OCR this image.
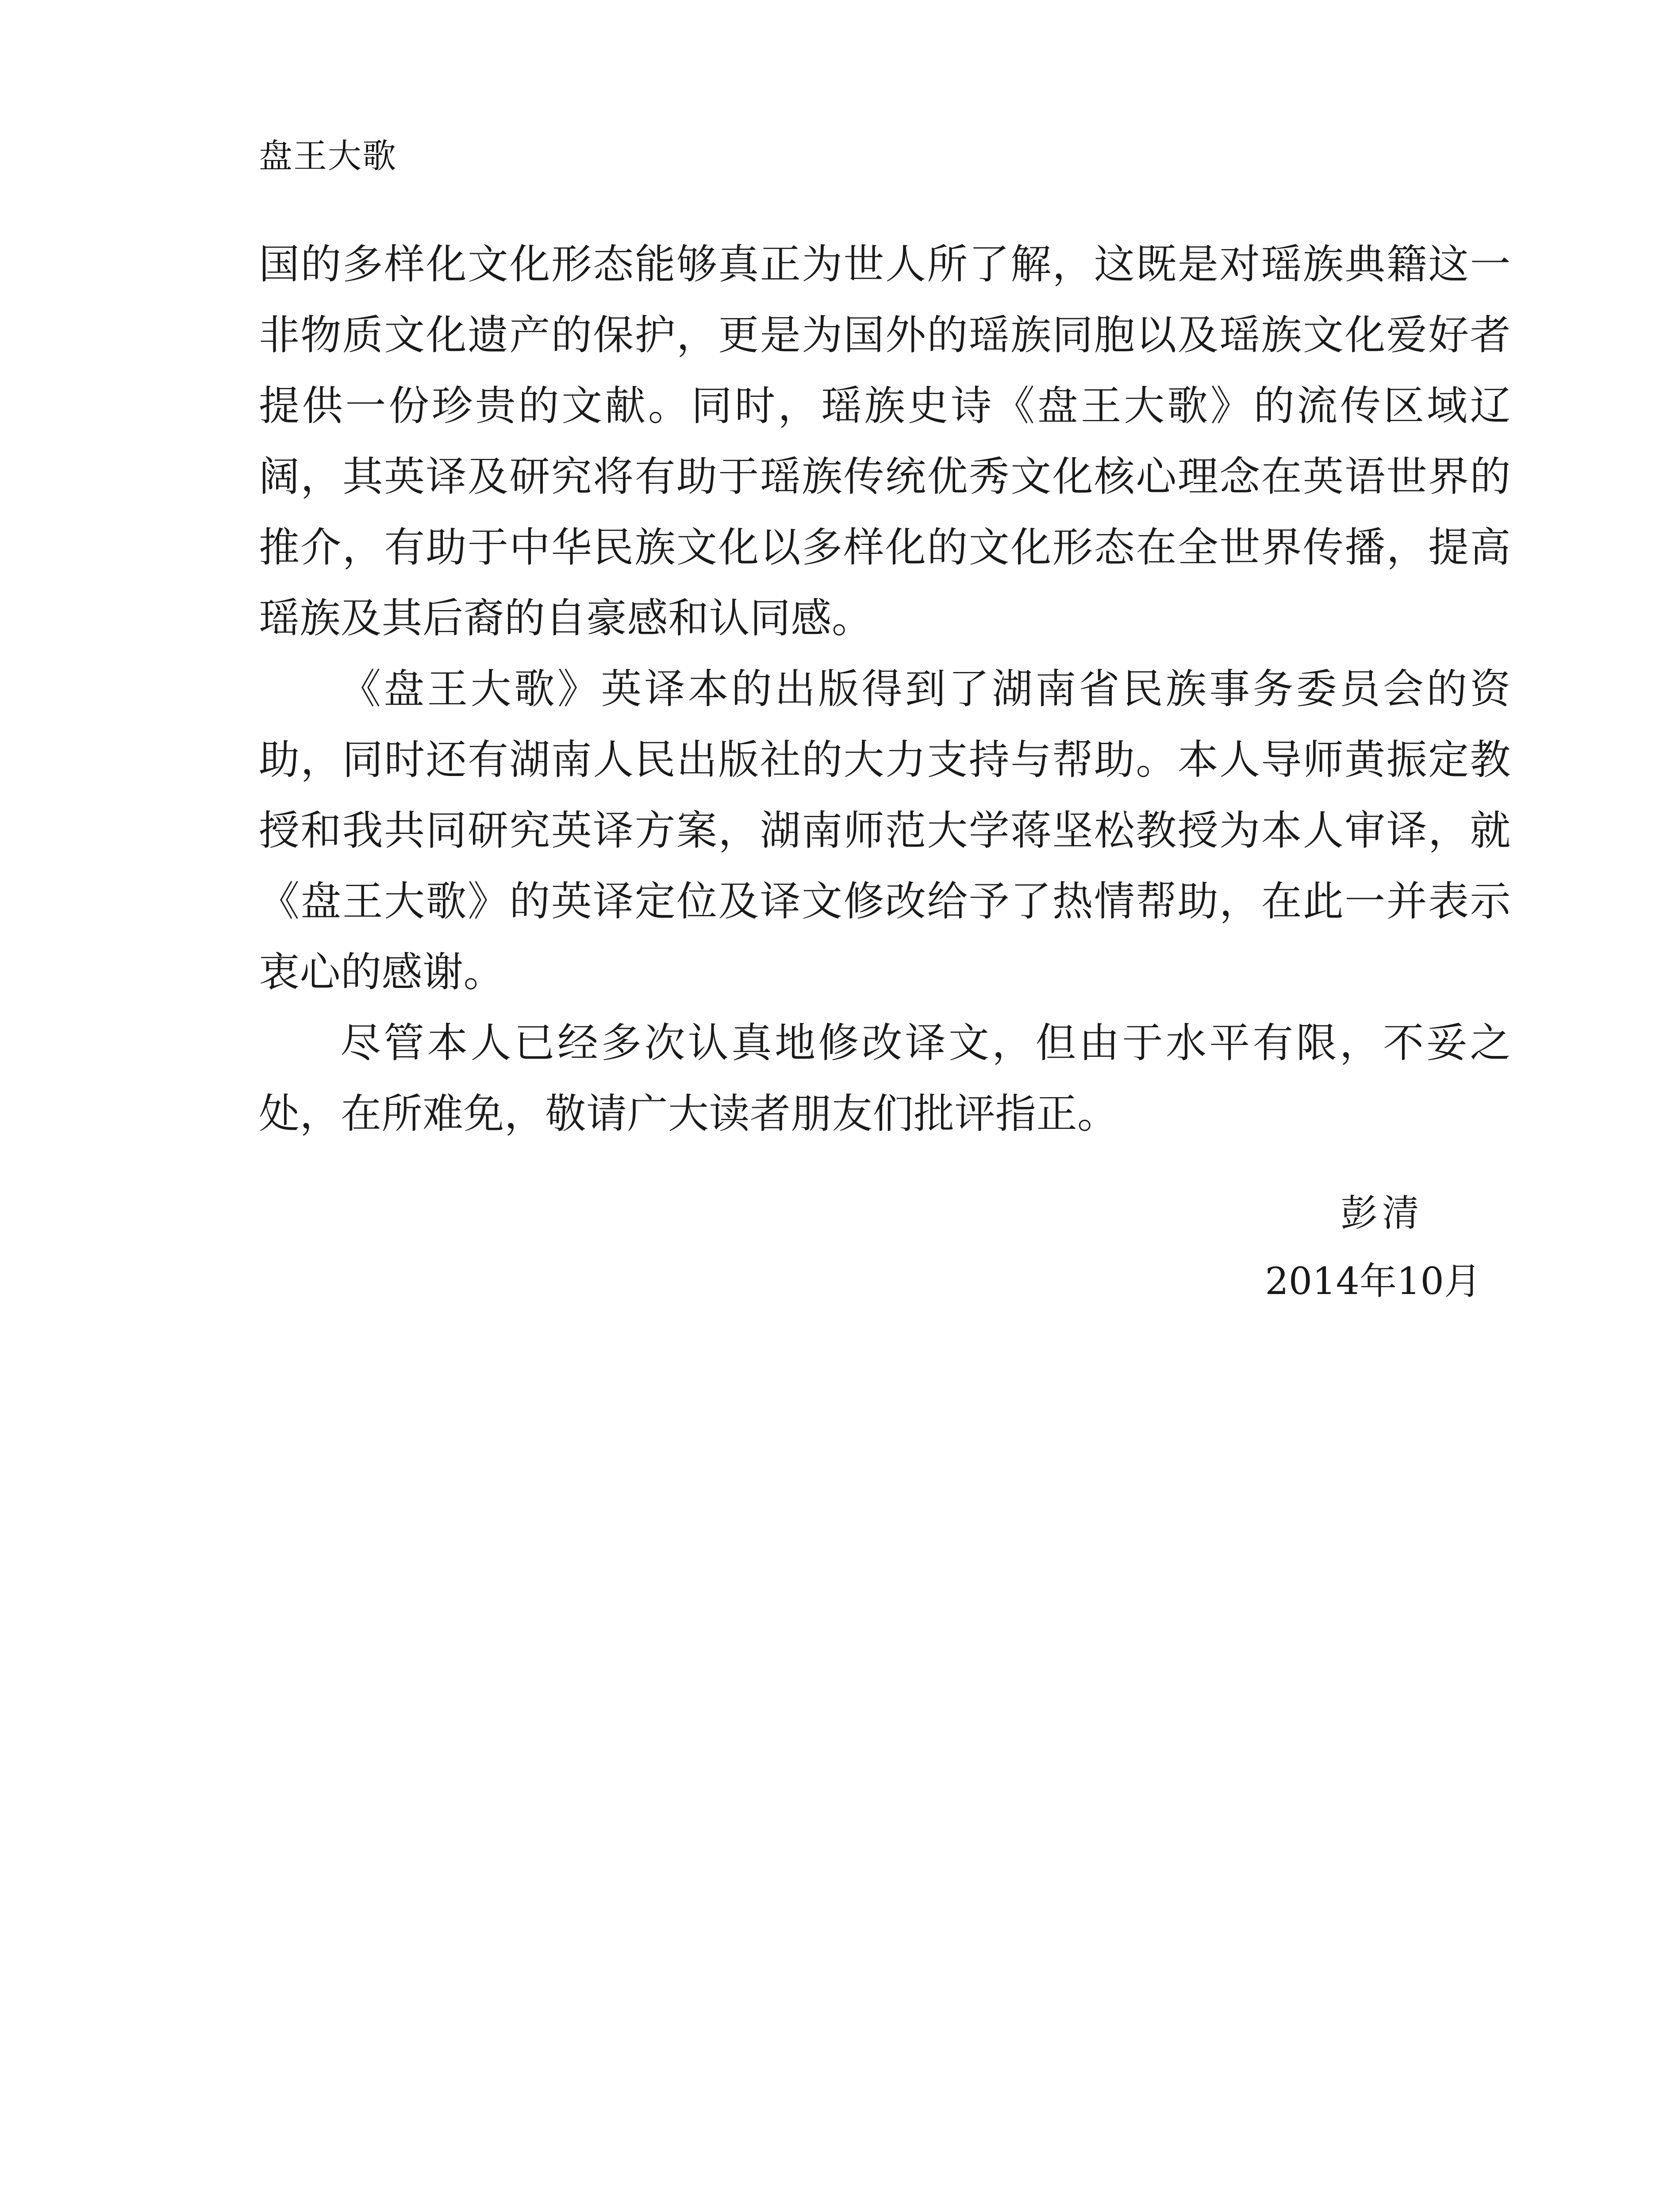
盘王大歌

国的多样化文化形态能够真正为世人所了解，这既是对瑶族典籍这一非物质文化遗产的保护，更是为国外的瑶族同胞以及瑶族文化爱好者提供一份珍贵的文献。同时，瑶族史诗《盘王大歌》的流传区域辽阔，其英译及研究将有助于瑶族传统优秀文化核心理念在英语世界的推介，有助于中华民族文化以多样化的文化形态在全世界传播，提高瑶族及其后裔的自豪感和认同感。

《盘王大歌》英译本的出版得到了湖南省民族事务委员会的资助，同时还有湖南人民出版社的大力支持与帮助。本人导师黄振定教授和我共同研究英译方案，湖南师范大学蒋坚松教授为本人审译，就《盘王大歌》的英译定位及译文修改给予了热情帮助，在此一并表示衷心的感谢。

尽管本人已经多次认真地修改译文，但由于水平有限，不妥之处，在所难免，敬请广大读者朋友们批评指正。

彭清
2014年10月
